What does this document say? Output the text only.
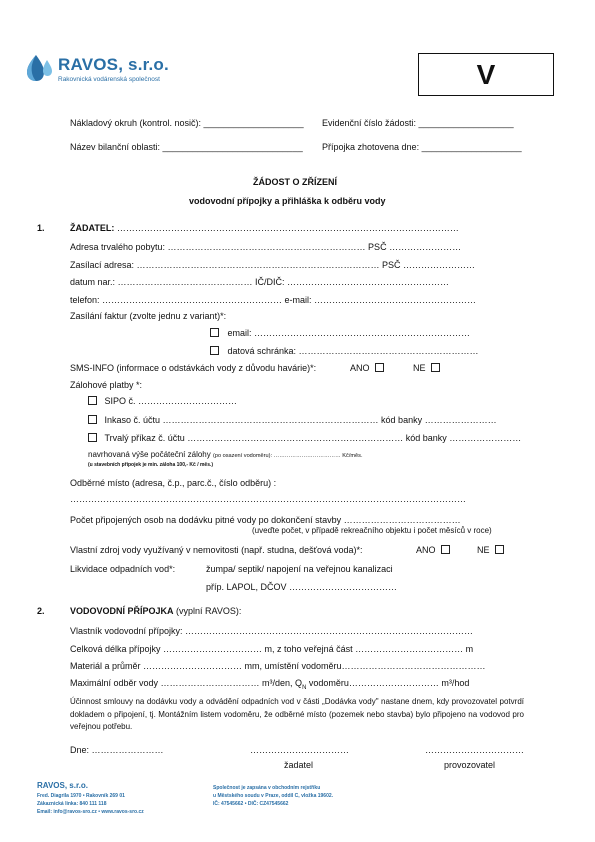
RAVOS, s.r.o.
Rakovnická vodárenská společnost	V
Nákladový okruh (kontrol. nosič): ____________________ Evidenční číslo žádosti: ___________________
Název bilanční oblasti: ____________________________ Přípojka zhotovena dne: ____________________
ŽÁDOST O ZŘÍZENÍ
vodovodní přípojky a přihláška k odběru vody
1.	ŽADATEL: ……………………………………………………………………………………………………
Adresa trvalého pobytu: ………………………………………………………… PSČ ……………………
Zasílací adresa: ……………………………………………………………………… PSČ ……………………
datum nar.: ……………………………………… IČ/DIČ: ………………………………………………
telefon: …………………………………………………… e-mail: ………………………………………………
Zasílání faktur (zvolte jednu z variant)*:
email: ………………………………………………………………
datová schránka: ……………………………………………………
SMS-INFO (informace o odstávkách vody z důvodu havárie)*:	ANO	NE
Zálohové platby *:
SIPO č. ……………………………
Inkaso č. účtu ……………………………………………………………… kód banky ……………………
Trvalý příkaz č. účtu ……………………………………………………………… kód banky ……………………
navrhovaná výše počáteční zálohy (po osazení vodoměru): ……………………………… Kč/měs.
(u stavebních přípojek je min. záloha 100,- Kč / měs.)
Odběrné místo (adresa, č.p., parc.č., číslo odběru) :
……………………………………………………………………………………………………………………
Počet připojených osob na dodávku pitné vody po dokončení stavby …………………………………
(uveďte počet, v případě rekreačního objektu i počet měsíců v roce)
Vlastní zdroj vody využívaný v nemovitosti (např. studna, dešťová voda)*:	ANO	NE
Likvidace odpadních vod*:	žumpa/ septik/ napojení na veřejnou kanalizaci
příp. LAPOL, DČOV ………………………………
2.	VODOVODNÍ PŘÍPOJKA (vyplní RAVOS):
Vlastník vodovodní přípojky: ……………………………………………………………………………………
Celková délka přípojky …………………………… m, z toho veřejná část ……………………………… m
Materiál a průměr …………………………… mm, umístění vodoměru…………………………………………
Maximální odběr vody …………………………… m³/den, $Q_N$ vodoměru………………………… m³/hod
Účinnost smlouvy na dodávku vody a odvádění odpadních vod v části „Dodávka vody" nastane dnem, kdy provozovatel potvrdí dokladem o připojení, tj. Montážním listem vodoměru, že odběrné místo (pozemek nebo stavba) bylo připojeno na vodovod pro veřejnou potřebu.
Dne: ……………………	……………………………	……………………………
žadatel	provozovatel
RAVOS, s.r.o.
Fred. Diagrila 1970 • Rakovník 269 01
Zákaznická linka: 840 111 118
Email: info@ravos-sro.cz • www.ravos-sro.cz
Společnost je zapsána v obchodním rejstříku
u Městského soudu v Praze, oddíl C, vložka 19602.
IČ: 47545662 • DIČ: CZ47545662
